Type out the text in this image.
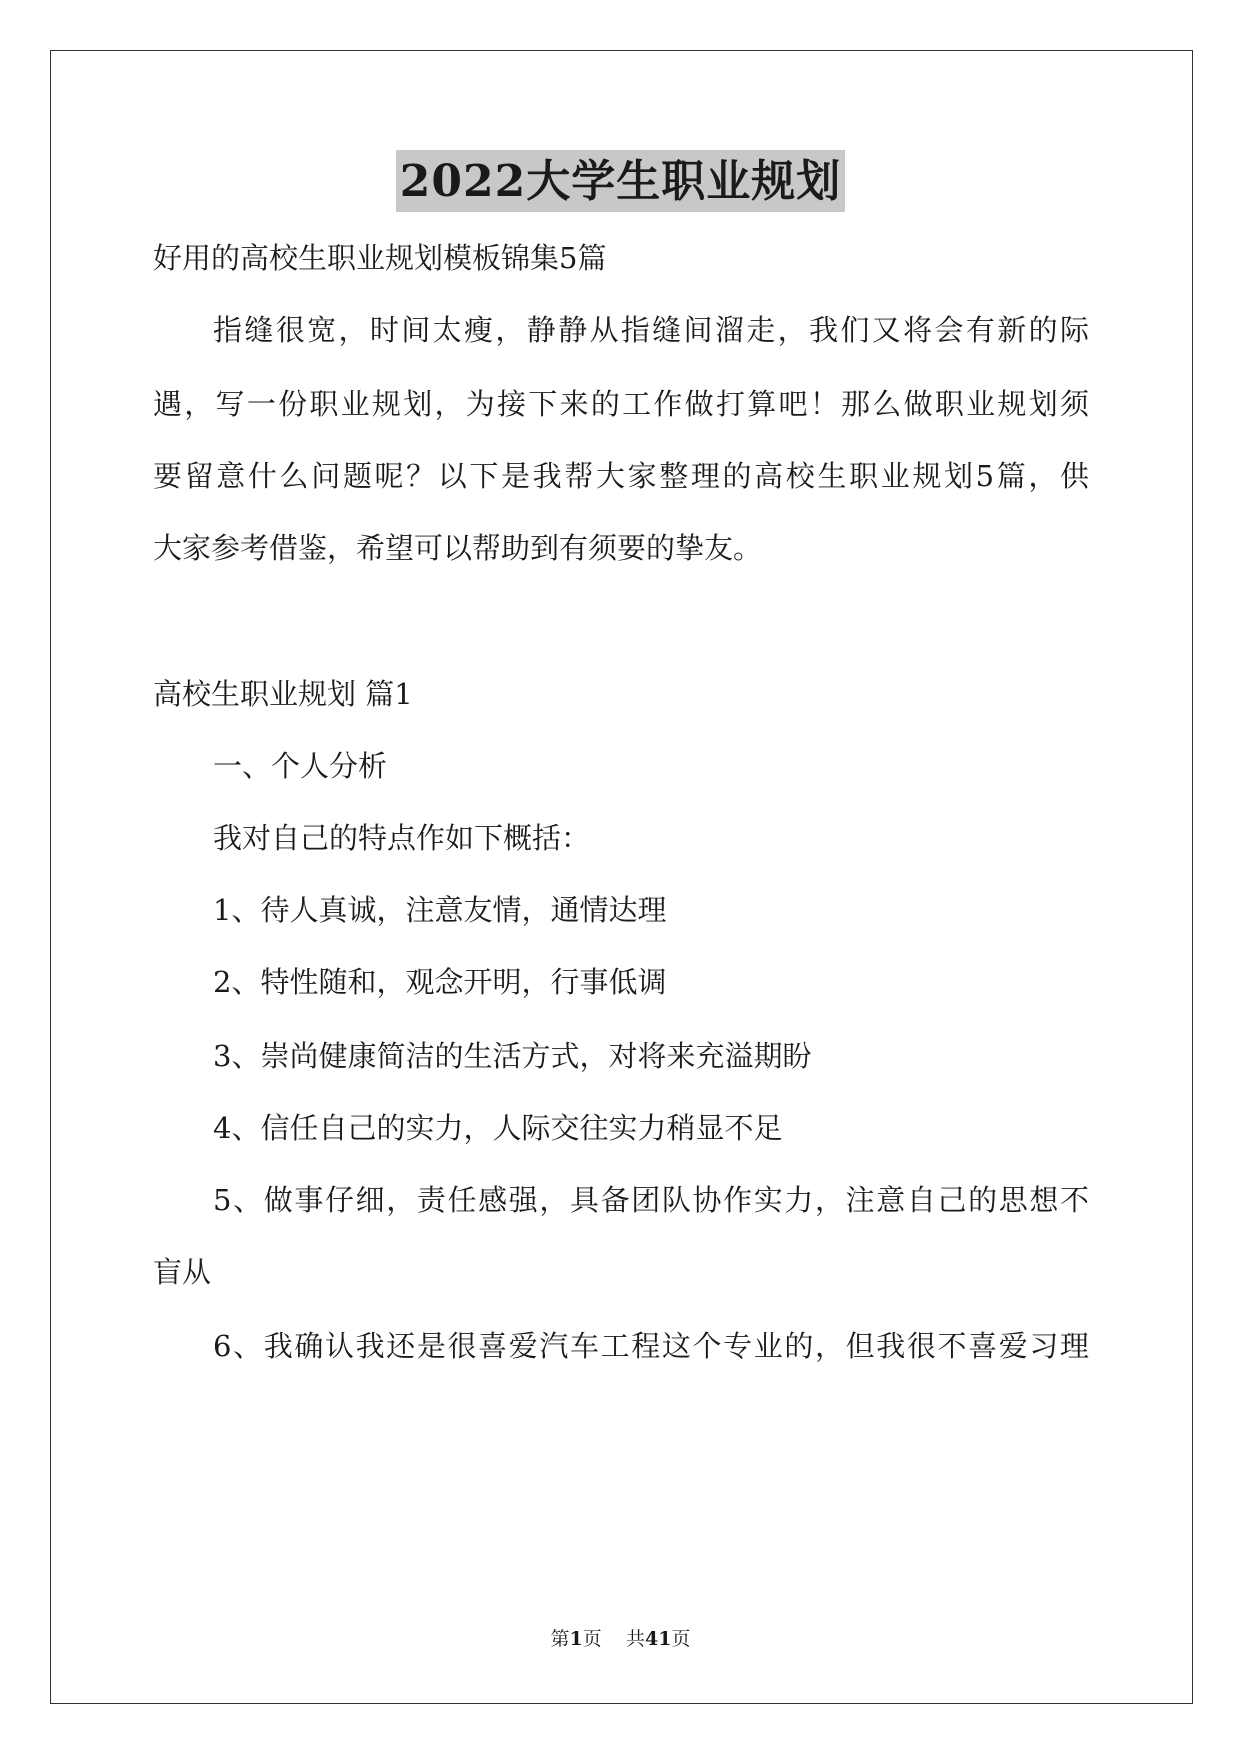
2022大学生职业规划
好用的高校生职业规划模板锦集5篇
指缝很宽，时间太瘦，静静从指缝间溜走，我们又将会有新的际
遇，写一份职业规划，为接下来的工作做打算吧！那么做职业规划须
要留意什么问题呢？以下是我帮大家整理的高校生职业规划5篇，供
大家参考借鉴，希望可以帮助到有须要的挚友。
高校生职业规划 篇1
一、个人分析
我对自己的特点作如下概括：
1、待人真诚，注意友情，通情达理
2、特性随和，观念开明，行事低调
3、崇尚健康简洁的生活方式，对将来充溢期盼
4、信任自己的实力，人际交往实力稍显不足
5、做事仔细，责任感强，具备团队协作实力，注意自己的思想不
盲从
6、我确认我还是很喜爱汽车工程这个专业的，但我很不喜爱习理
第1页 共41页
